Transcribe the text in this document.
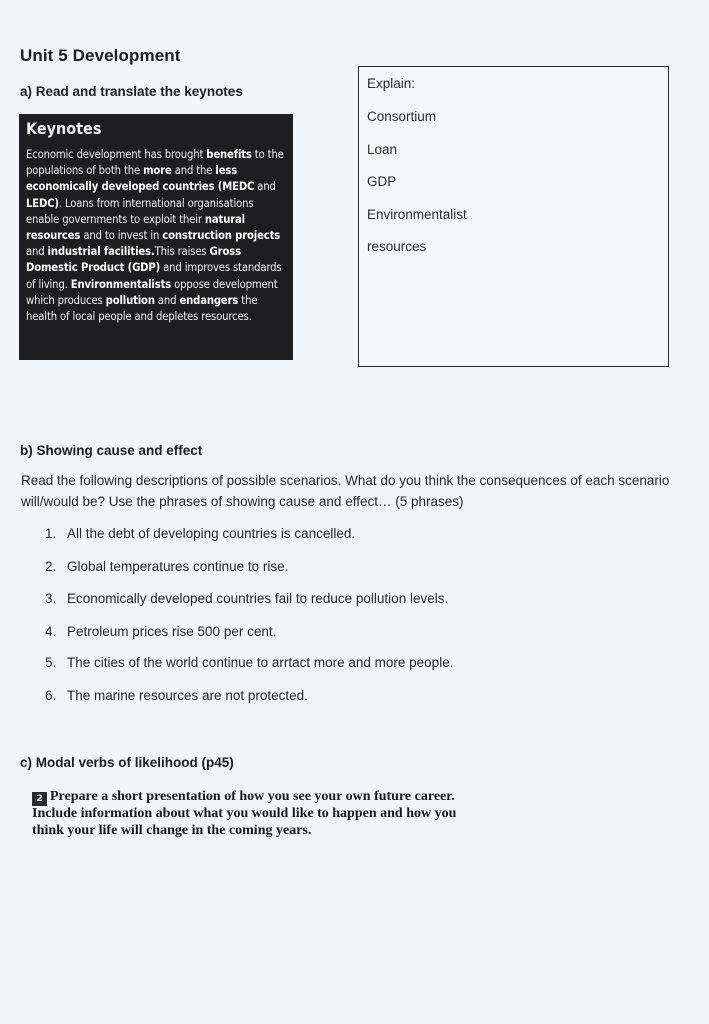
Unit 5 Development
a) Read and translate the keynotes
Keynotes
Economic development has brought benefits to the populations of both the more and the less economically developed countries (MEDC and LEDC). Loans from international organisations enable governments to exploit their natural resources and to invest in construction projects and industrial facilities.This raises Gross Domestic Product (GDP) and improves standards of living. Environmentalists oppose development which produces pollution and endangers the health of local people and depletes resources.
Explain:
Consortium
Loan
GDP
Environmentalist
resources
b) Showing cause and effect
Read the following descriptions of possible scenarios. What do you think the consequences of each scenario will/would be? Use the phrases of showing cause and effect… (5 phrases)
1. All the debt of developing countries is cancelled.
2. Global temperatures continue to rise.
3. Economically developed countries fail to reduce pollution levels.
4. Petroleum prices rise 500 per cent.
5. The cities of the world continue to arrtact more and more people.
6. The marine resources are not protected.
c) Modal verbs of likelihood (p45)
2 Prepare a short presentation of how you see your own future career. Include information about what you would like to happen and how you think your life will change in the coming years.
